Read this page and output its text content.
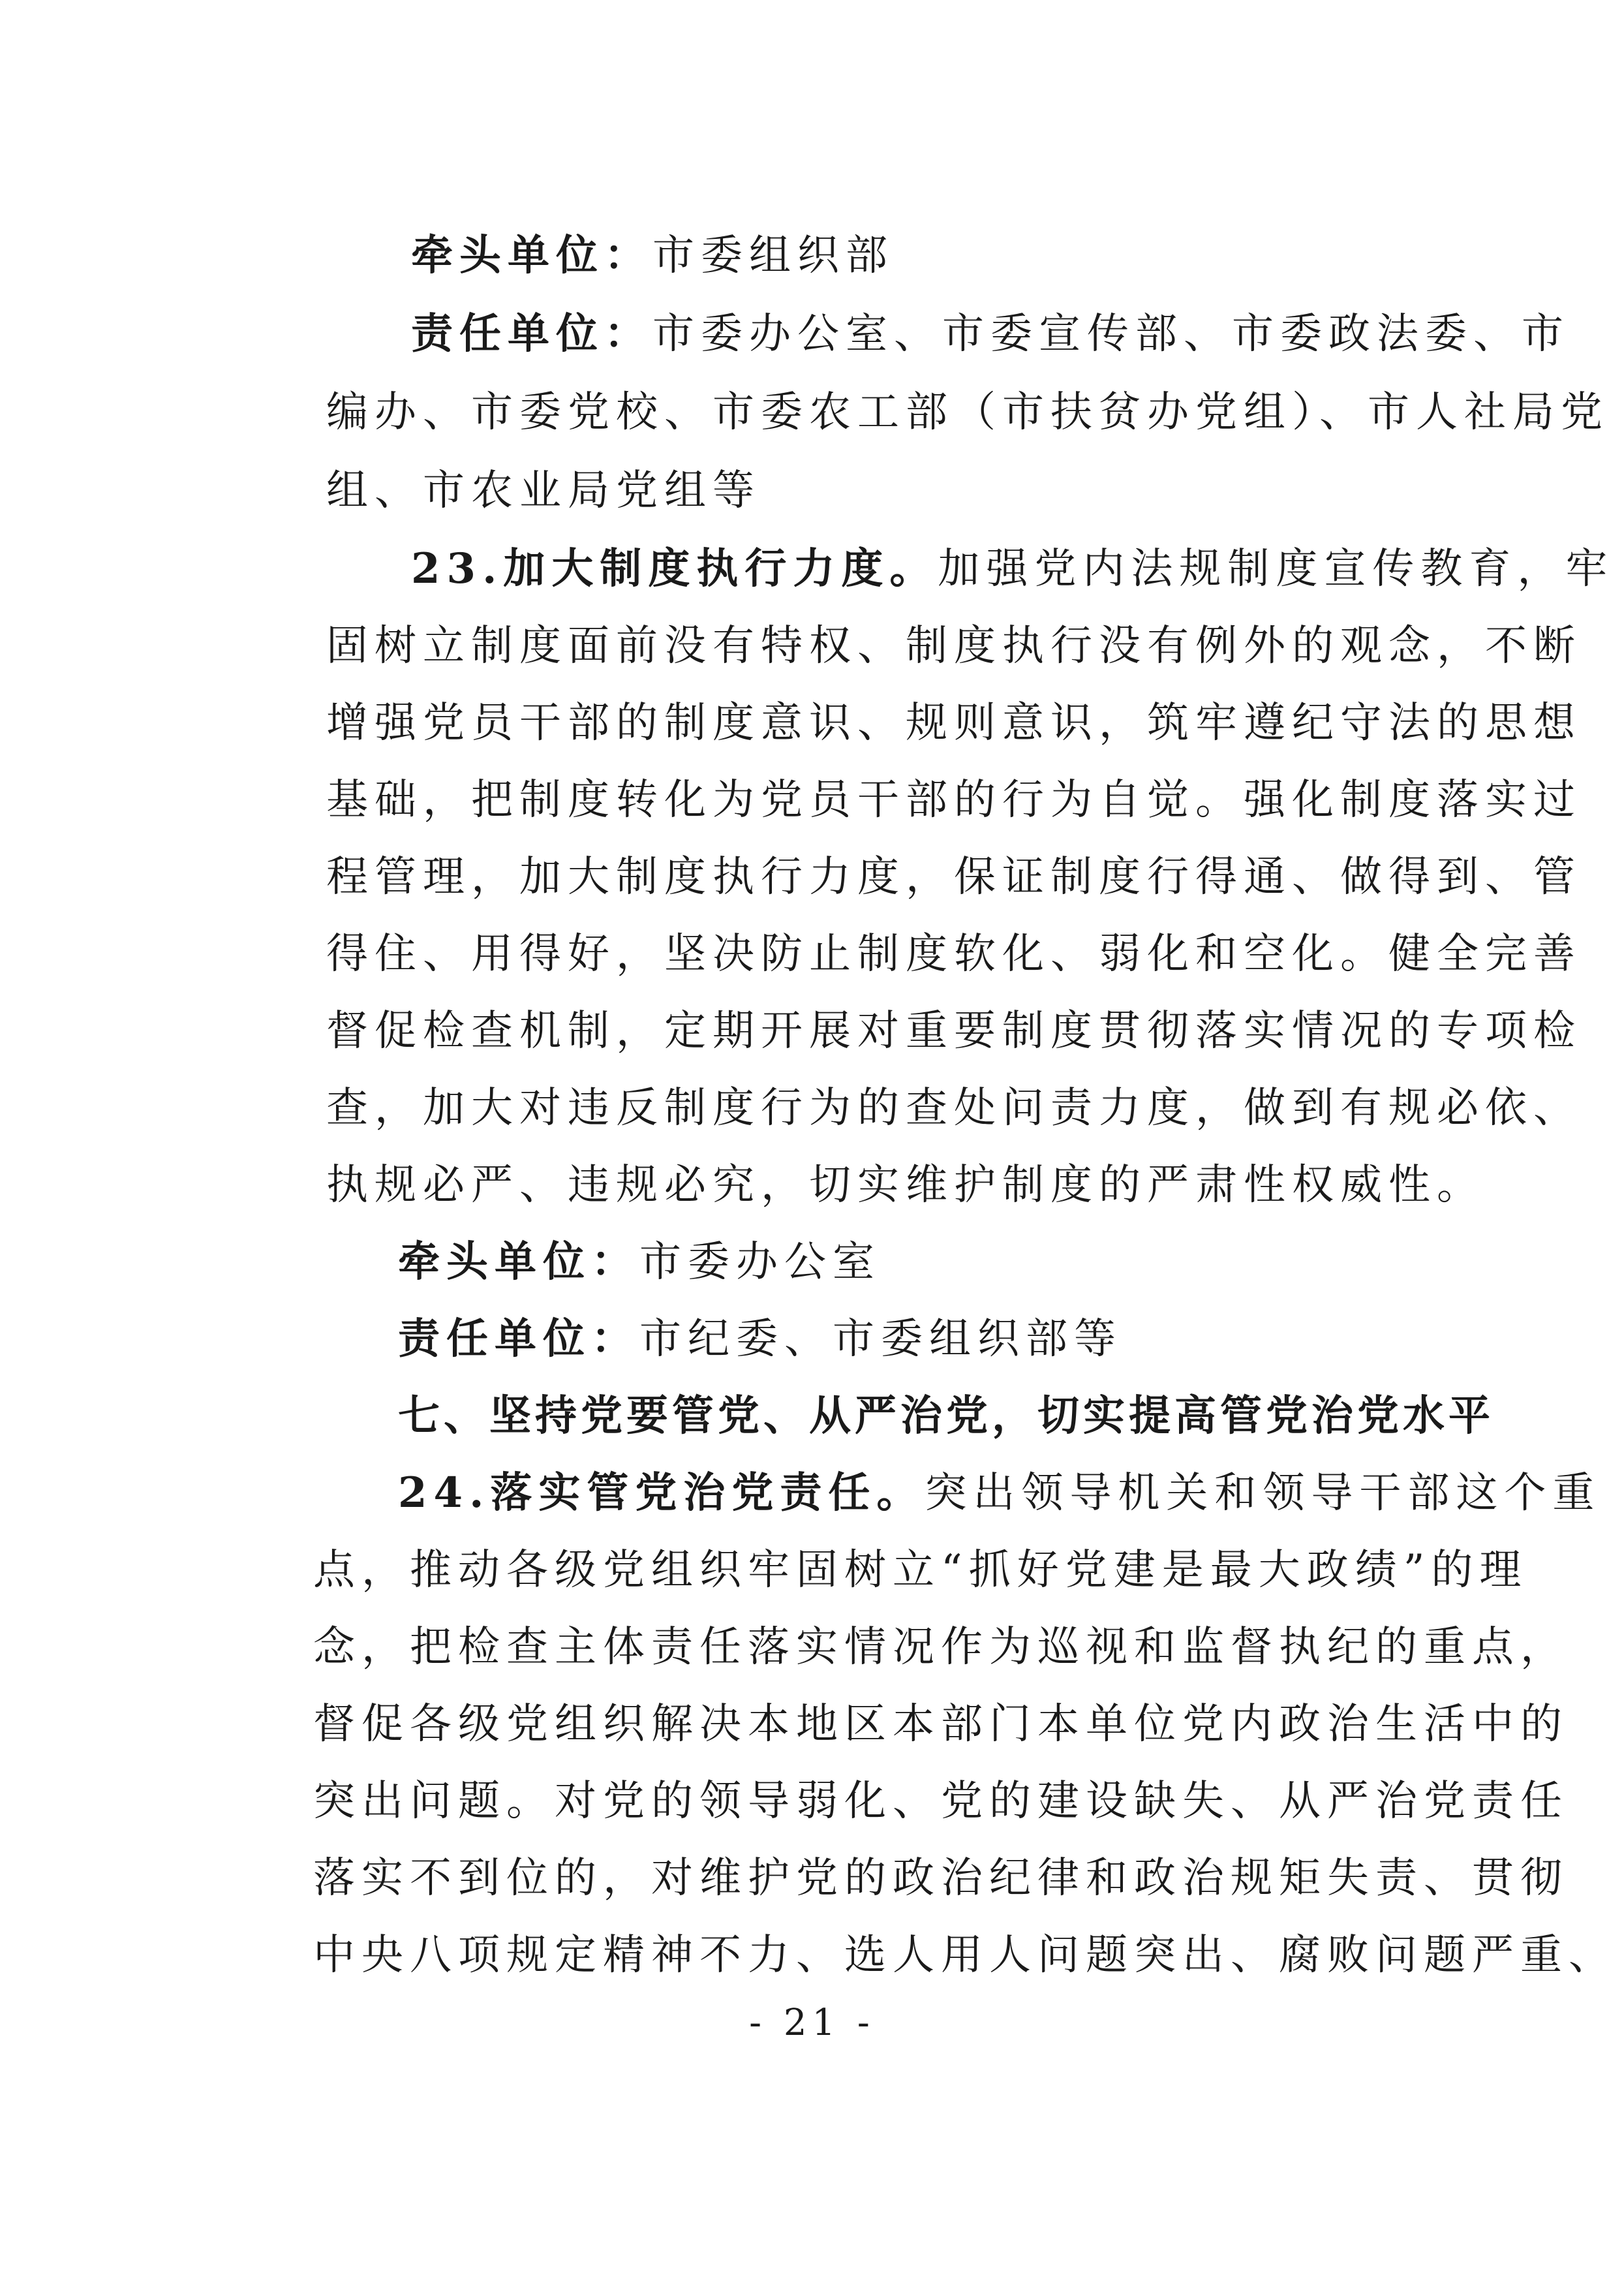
牵头单位：市委组织部
责任单位：市委办公室、市委宣传部、市委政法委、市
编办、市委党校、市委农工部（市扶贫办党组）、市人社局党
组、市农业局党组等
23.加大制度执行力度。加强党内法规制度宣传教育，牢
固树立制度面前没有特权、制度执行没有例外的观念，不断
增强党员干部的制度意识、规则意识，筑牢遵纪守法的思想
基础，把制度转化为党员干部的行为自觉。强化制度落实过
程管理，加大制度执行力度，保证制度行得通、做得到、管
得住、用得好，坚决防止制度软化、弱化和空化。健全完善
督促检查机制，定期开展对重要制度贯彻落实情况的专项检
查，加大对违反制度行为的查处问责力度，做到有规必依、
执规必严、违规必究，切实维护制度的严肃性权威性。
牵头单位：市委办公室
责任单位：市纪委、市委组织部等
七、坚持党要管党、从严治党，切实提高管党治党水平
24.落实管党治党责任。突出领导机关和领导干部这个重
点，推动各级党组织牢固树立“抓好党建是最大政绩”的理
念，把检查主体责任落实情况作为巡视和监督执纪的重点，
督促各级党组织解决本地区本部门本单位党内政治生活中的
突出问题。对党的领导弱化、党的建设缺失、从严治党责任
落实不到位的，对维护党的政治纪律和政治规矩失责、贯彻
中央八项规定精神不力、选人用人问题突出、腐败问题严重、
- 21 -
